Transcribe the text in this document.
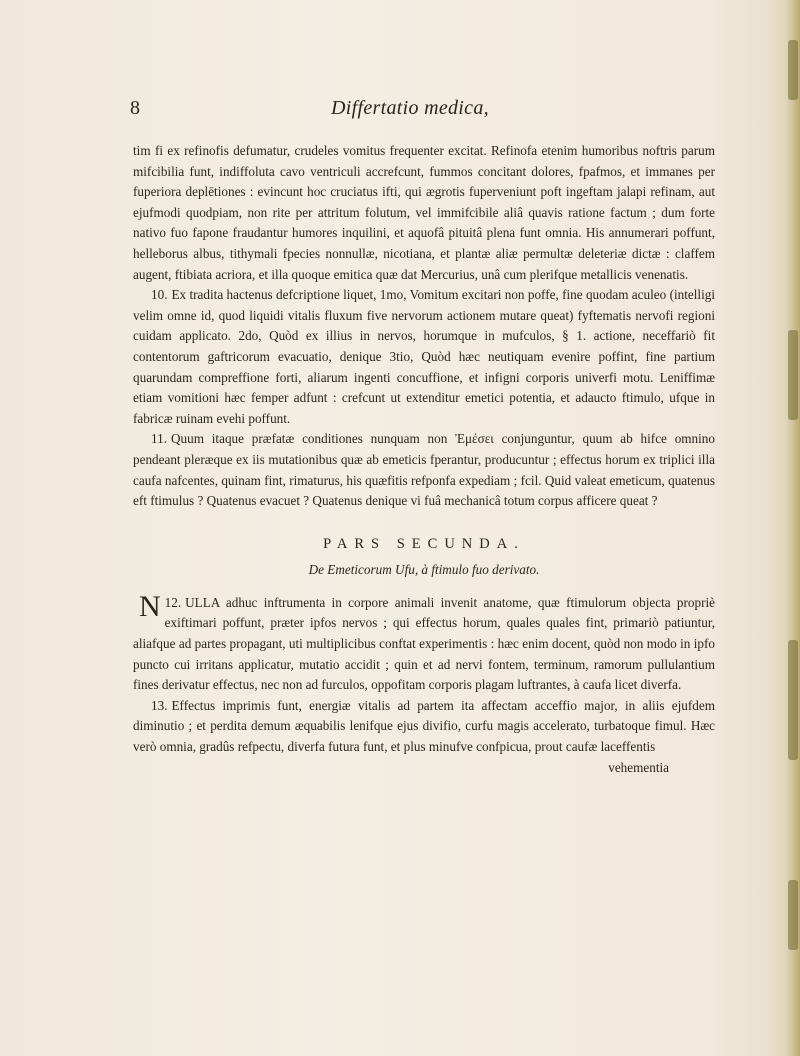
8	Differtatio medica,

tim fi ex refinofis defumatur, crudeles vomitus frequenter excitat. Refinofa etenim humoribus noftris parum mifcibilia funt, indiffoluta cavo ventriculi accrefcunt, fummos concitant dolores, fpafmos, et immanes per fuperiora deplētiones : evincunt hoc cruciatus ifti, qui ægrotis fuperveniunt poft ingeftam jalapi refinam, aut ejufmodi quodpiam, non rite per attritum folutum, vel immifcibile aliâ quavis ratione factum ; dum forte nativo fuo fapone fraudantur humores inquilini, et aquofâ pituitâ plena funt omnia. His annumerari poffunt, helleborus albus, tithymali fpecies nonnullæ, nicotiana, et plantæ aliæ permultæ deleteriæ dictæ : claffem augent, ftibiata acriora, et illa quoque emitica quæ dat Mercurius, unâ cum plerifque metallicis venenatis.

10. Ex tradita hactenus defcriptione liquet, 1mo, Vomitum excitari non poffe, fine quodam aculeo (intelligi velim omne id, quod liquidi vitalis fluxum five nervorum actionem mutare queat) fyftematis nervofi regioni cuidam applicato. 2do, Quòd ex illius in nervos, horumque in mufculos, § 1. actione, neceffariò fit contentorum gaftricorum evacuatio, denique 3tio, Quòd hæc neutiquam evenire poffint, fine partium quarundam compreffione forti, aliarum ingenti concuffione, et infigni corporis univerfi motu. Leniffimæ etiam vomitioni hæc femper adfunt : crefcunt ut extenditur emetici potentia, et adaucto ftimulo, ufque in fabricæ ruinam evehi poffunt.

11. Quum itaque præfatæ conditiones nunquam non Ἐμέσει conjunguntur, quum ab hifce omnino pendeant pleræque ex iis mutationibus quæ ab emeticis fperantur, producuntur ; effectus horum ex triplici illa caufa nafcentes, quinam fint, rimaturus, his quæfitis refponfa expediam ; fcil. Quid valeat emeticum, quatenus eft ftimulus ? Quatenus evacuet ? Quatenus denique vi fuâ mechanicâ totum corpus afficere queat ?

PARS SECUNDA.
De Emeticorum Ufu, à ftimulo fuo derivato.

12.
N ULLA adhuc inftrumenta in corpore animali invenit anatome, quæ ftimulorum objecta propriè exiftimari poffunt, præter ipfos nervos ; qui effectus horum, quales quales fint, primariò patiuntur, aliafque ad partes propagant, uti multiplicibus conftat experimentis : hæc enim docent, quòd non modo in ipfo puncto cui irritans applicatur, mutatio accidit ; quin et ad nervi fontem, terminum, ramorum pullulantium fines derivatur effectus, nec non ad furculos, oppofitam corporis plagam luftrantes, à caufa licet diverfa.

13. Effectus imprimis funt, energiæ vitalis ad partem ita affectam acceffio major, in aliis ejufdem diminutio ; et perdita demum æquabilis lenifque ejus divifio, curfu magis accelerato, turbatoque fimul. Hæc verò omnia, gradûs refpectu, diverfa futura funt, et plus minufve confpicua, prout caufæ laceffentis

vehementia
